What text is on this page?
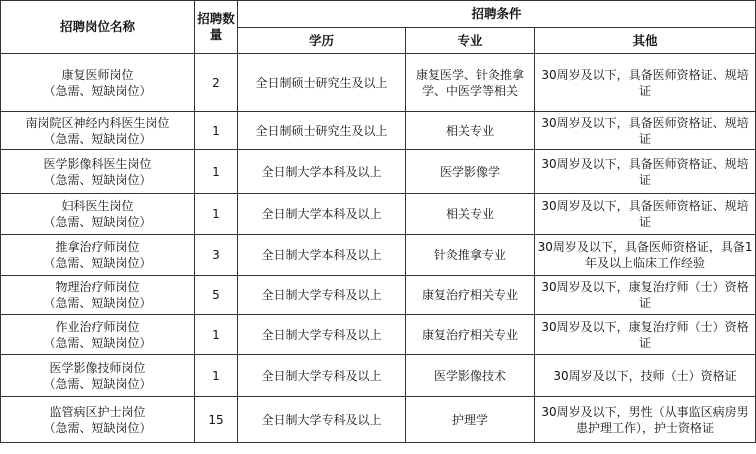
招聘岗位名称	招聘数量	招聘条件		
		学历	专业	其他

康复医师岗位
（急需、短缺岗位）	2	全日制硕士研究生及以上	康复医学、针灸推拿学、中医学等相关	30周岁及以下，具备医师资格证、规培证

南岗院区神经内科医生岗位
（急需、短缺岗位）	1	全日制硕士研究生及以上	相关专业	30周岁及以下，具备医师资格证、规培证

医学影像科医生岗位
（急需、短缺岗位）	1	全日制大学本科及以上	医学影像学	30周岁及以下，具备医师资格证、规培证

妇科医生岗位
（急需、短缺岗位）	1	全日制大学本科及以上	相关专业	30周岁及以下，具备医师资格证、规培证

推拿治疗师岗位
（急需、短缺岗位）	3	全日制大学本科及以上	针灸推拿专业	30周岁及以下，具备医师资格证，具备1年及以上临床工作经验

物理治疗师岗位
（急需、短缺岗位）	5	全日制大学专科及以上	康复治疗相关专业	30周岁及以下，康复治疗师（士）资格证

作业治疗师岗位
（急需、短缺岗位）	1	全日制大学专科及以上	康复治疗相关专业	30周岁及以下，康复治疗师（士）资格证

医学影像技师岗位
（急需、短缺岗位）	1	全日制大学专科及以上	医学影像技术	30周岁及以下，技师（士）资格证

监管病区护士岗位
（急需、短缺岗位）	15	全日制大学专科及以上	护理学	30周岁及以下，男性（从事监区病房男患护理工作），护士资格证
